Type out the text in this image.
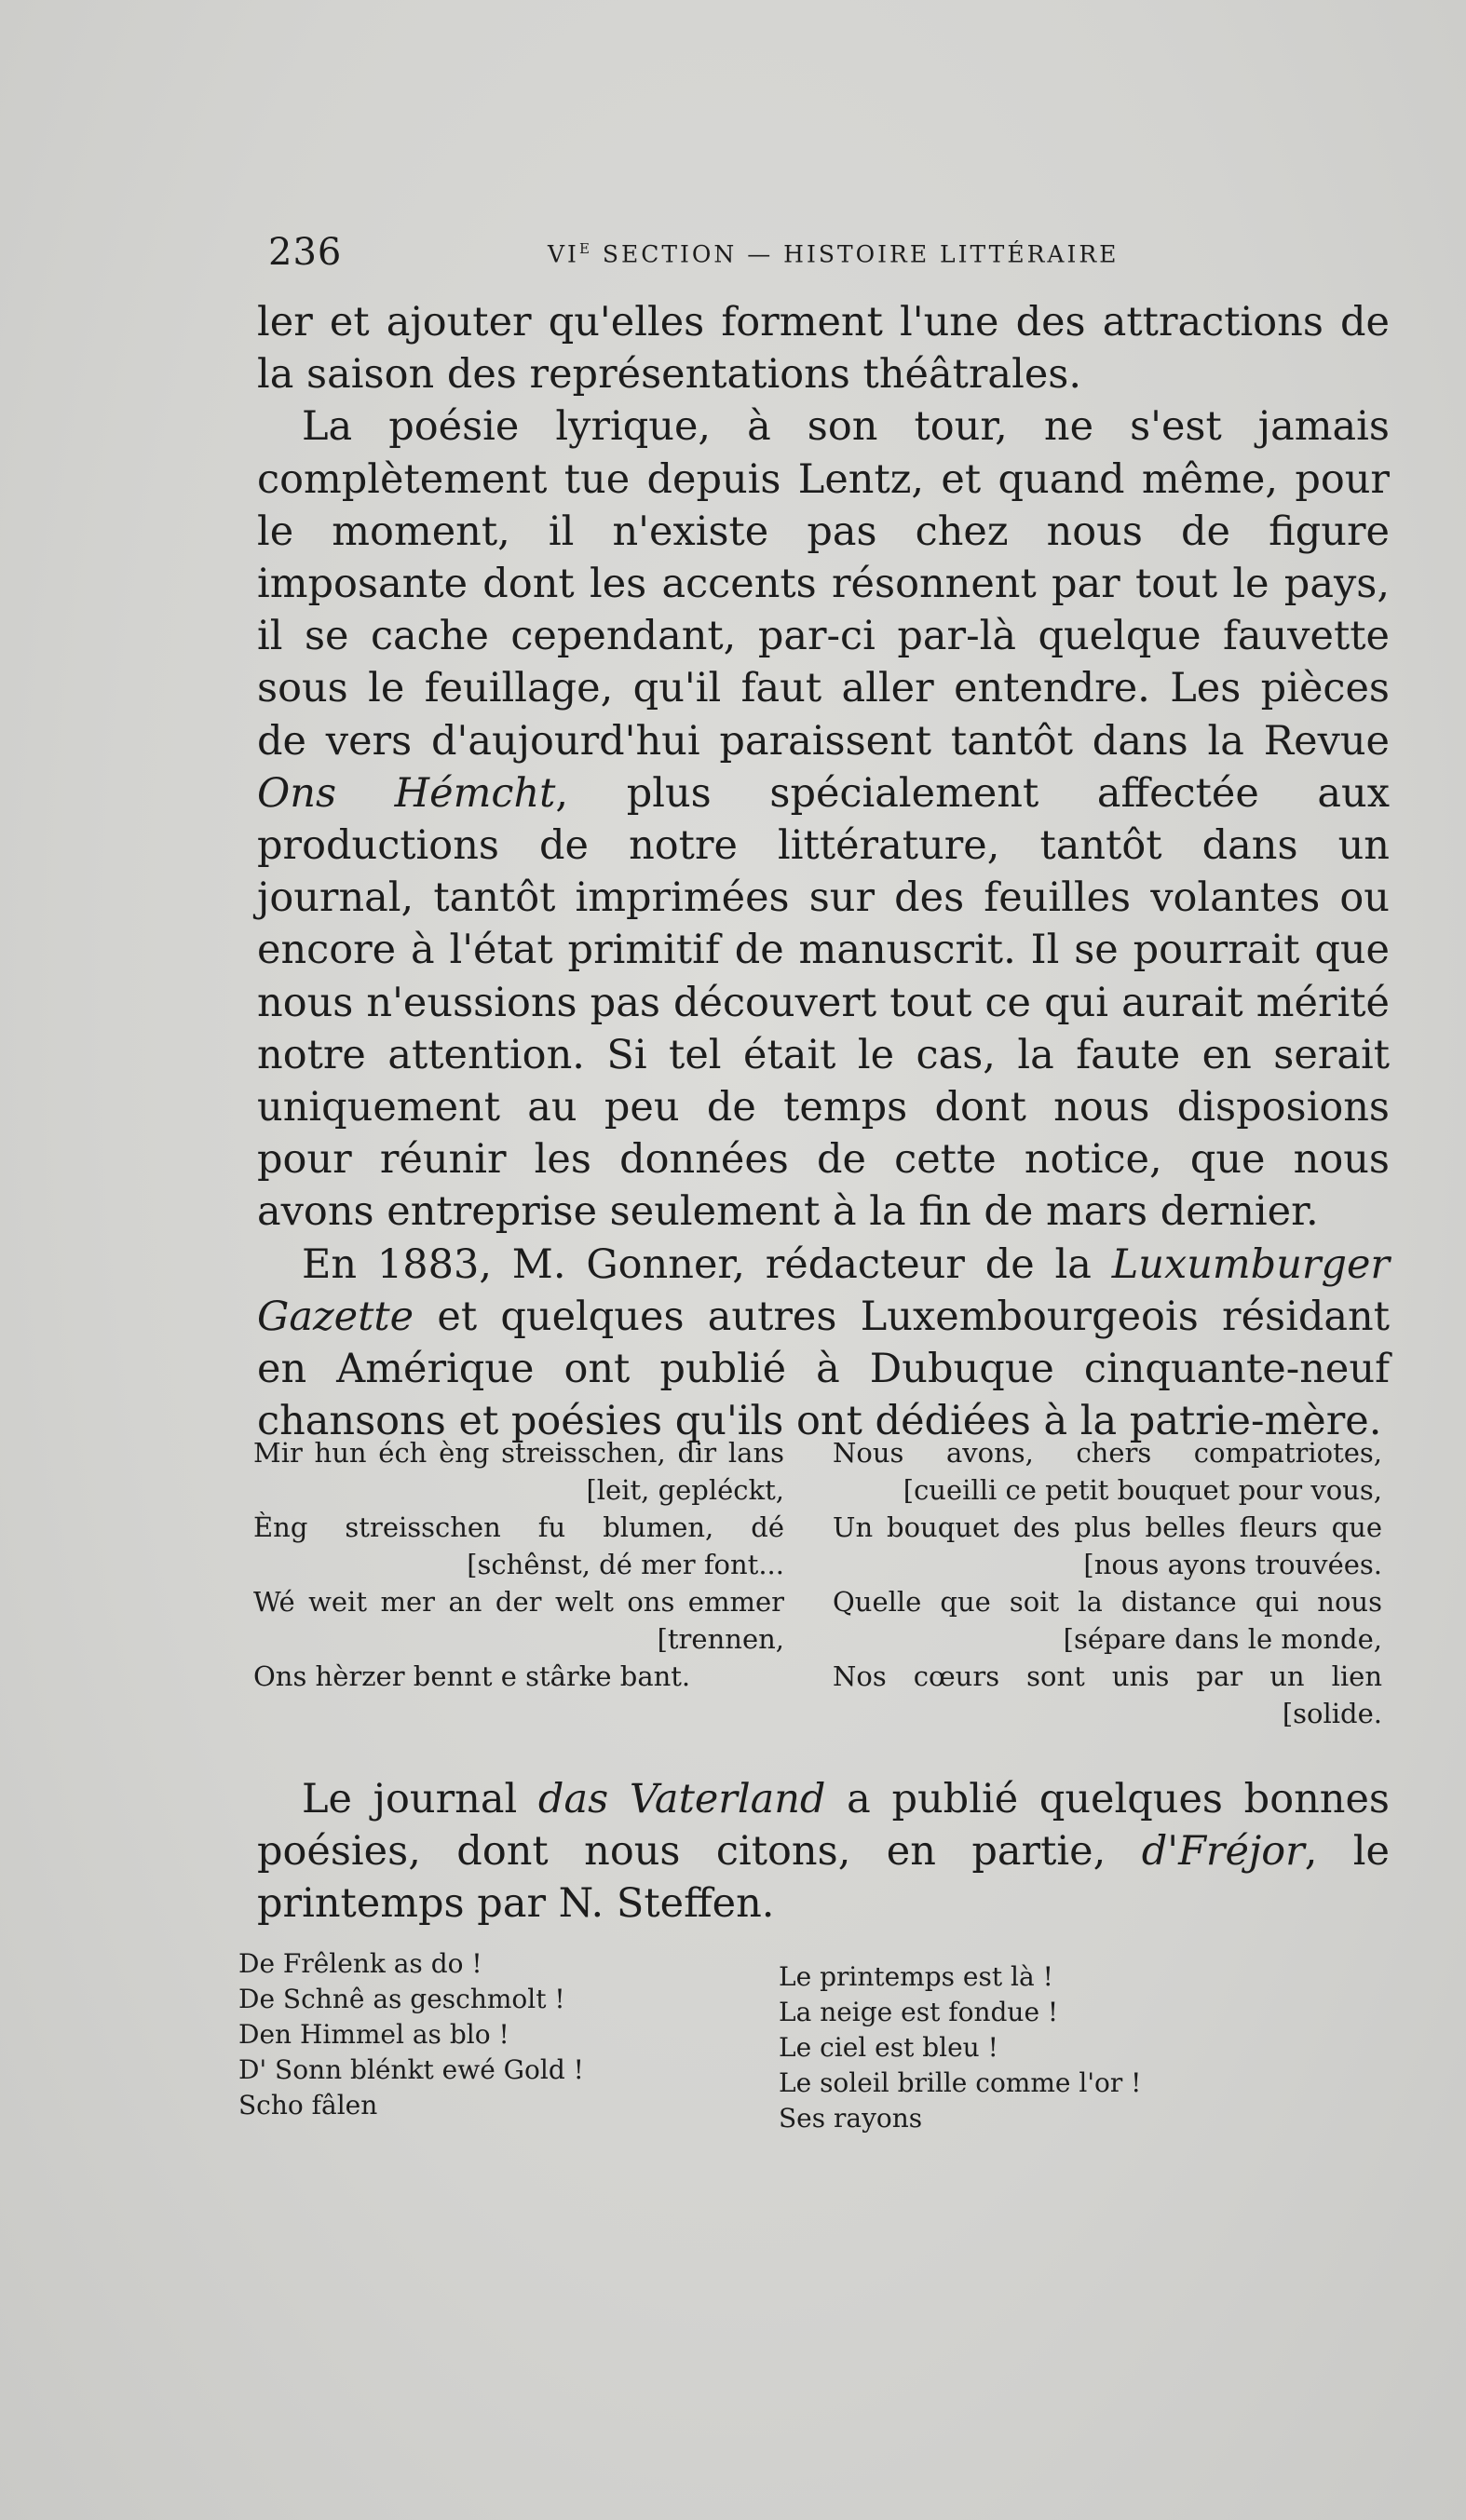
236	$VI^E$ SECTION — HISTOIRE LITTÉRAIRE

ler et ajouter qu'elles forment l'une des attractions de la saison des représentations théâtrales.

La poésie lyrique, à son tour, ne s'est jamais complètement tue depuis Lentz, et quand même, pour le moment, il n'existe pas chez nous de figure imposante dont les accents résonnent par tout le pays, il se cache cependant, par-ci par-là quelque fauvette sous le feuillage, qu'il faut aller entendre. Les pièces de vers d'aujourd'hui paraissent tantôt dans la Revue Ons Hémcht, plus spécialement affectée aux productions de notre littérature, tantôt dans un journal, tantôt imprimées sur des feuilles volantes ou encore à l'état primitif de manuscrit. Il se pourrait que nous n'eussions pas découvert tout ce qui aurait mérité notre attention. Si tel était le cas, la faute en serait uniquement au peu de temps dont nous disposions pour réunir les données de cette notice, que nous avons entreprise seulement à la fin de mars dernier.

En 1883, M. Gonner, rédacteur de la Luxumburger Gazette et quelques autres Luxembourgeois résidant en Amérique ont publié à Dubuque cinquante-neuf chansons et poésies qu'ils ont dédiées à la patrie-mère.

Mir hun éch èng streisschen, dir lans
[leit, gepléckt,
Èng streisschen fu blumen, dé
[schênst, dé mer font...
Wé weit mer an der welt ons emmer
[trennen,
Ons hèrzer bennt e stârke bant.
Nous avons, chers compatriotes,
[cueilli ce petit bouquet pour vous,
Un bouquet des plus belles fleurs que
[nous ayons trouvées.
Quelle que soit la distance qui nous
[sépare dans le monde,
Nos cœurs sont unis par un lien
[solide.

Le journal das Vaterland a publié quelques bonnes poésies, dont nous citons, en partie, d'Fréjor, le printemps par N. Steffen.

De Frêlenk as do !
De Schnê as geschmolt !
Den Himmel as blo !
D' Sonn blénkt ewé Gold !
Scho fâlen
Le printemps est là !
La neige est fondue !
Le ciel est bleu !
Le soleil brille comme l'or !
Ses rayons
